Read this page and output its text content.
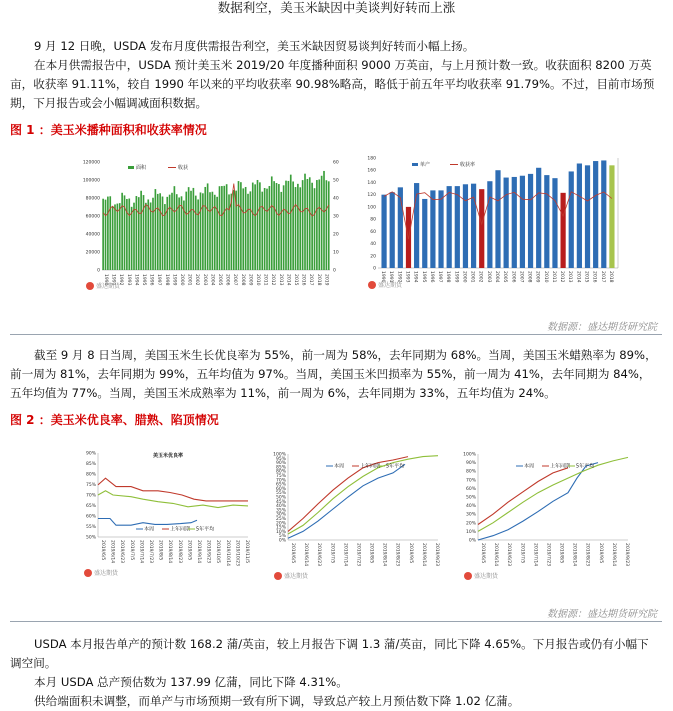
数据利空，美玉米缺因中美谈判好转而上涨
9 月 12 日晚，USDA 发布月度供需报告利空，美玉米缺因贸易谈判好转而小幅上扬。
在本月供需报告中，USDA 预计美玉米 2019/20 年度播种面积 9000 万英亩，与上月预计数一致。收获面积 8200 万英亩，收获率 91.11%，较自 1990 年以来的平均收获率 90.98%略高，略低于前五年平均收获率 91.79%。不过，目前市场预期，下月报告或会小幅调减面积数据。
图 1 ：美玉米播种面积和收获率情况
120000
100000
80000
60000
40000
20000
0
60
50
40
30
20
10
0
1990 1991 1992 1993 1994 1995 1996 1997 1998 1999 2000 2001 2002 2003 2004 2005 2006 2007 2008 2009 2010 2011 2012 2013 2014 2015 2016 2017 2018 2019
面积	收获
盛达期货
180
160
140
120
100
80
60
40
20
0
1990 1991 1992 1993 1994 1995 1996 1997 1998 1999 2000 2001 2002 2003 2004 2005 2006 2007 2008 2009 2010 2011 2012 2013 2014 2015 2016 2017 2018
单产	收获率
盛达期货
数据源：盛达期货研究院
截至 9 月 8 日当周，美国玉米生长优良率为 55%，前一周为 58%，去年同期为 68%。当周，美国玉米蜡熟率为 89%，前一周为 81%，去年同期为 99%，五年均值为 97%。当周，美国玉米凹损率为 55%，前一周为 41%，去年同期为 84%，五年均值为 77%。当周，美国玉米成熟率为 11%，前一周为 6%，去年同期为 33%，五年均值为 24%。
图 2 ：美玉米优良率、腊熟、陷顶情况
90%
85%
80%
75%
70%
65%
60%
55%
50%
本周	上年同期 5年平均
2019/6/5 2019/6/14 2019/6/23 2019/7/5 2019/7/14 2019/7/23 2019/8/5 2019/8/14 2019/8/23 2019/9/5 2019/9/14 2019/9/23 2019/10/5 2019/10/14 2019/10/23 2019/11/5
美玉米优良率
盛达期货
100%
95%
90%
85%
80%
75%
70%
65%
60%
55%
50%
45%
40%
35%
30%
25%
20%
15%
10%
5%
0%
本周	上年同期 5年平均
2019/6/5 2019/6/14 2019/6/23 2019/7/5 2019/7/14 2019/7/23 2019/8/5 2019/8/14 2019/8/23 2019/9/5 2019/9/14 2019/9/23
盛达期货
100%
90%
80%
70%
60%
50%
40%
30%
20%
10%
0%
本周	上年同期 5年平均
2019/6/5 2019/6/14 2019/6/23 2019/7/5 2019/7/14 2019/7/23 2019/8/5 2019/8/14 2019/8/23 2019/9/5 2019/9/14 2019/9/23
盛达期货
数据源：盛达期货研究院
USDA 本月报告单产的预计数 168.2 蒲/英亩，较上月报告下调 1.3 蒲/英亩，同比下降 4.65%。下月报告或仍有小幅下调空间。
本月 USDA 总产预估数为 137.99 亿蒲，同比下降 4.31%。
供给端面积未调整，而单产与市场预期一致有所下调，导致总产较上月预估数下降 1.02 亿蒲。
